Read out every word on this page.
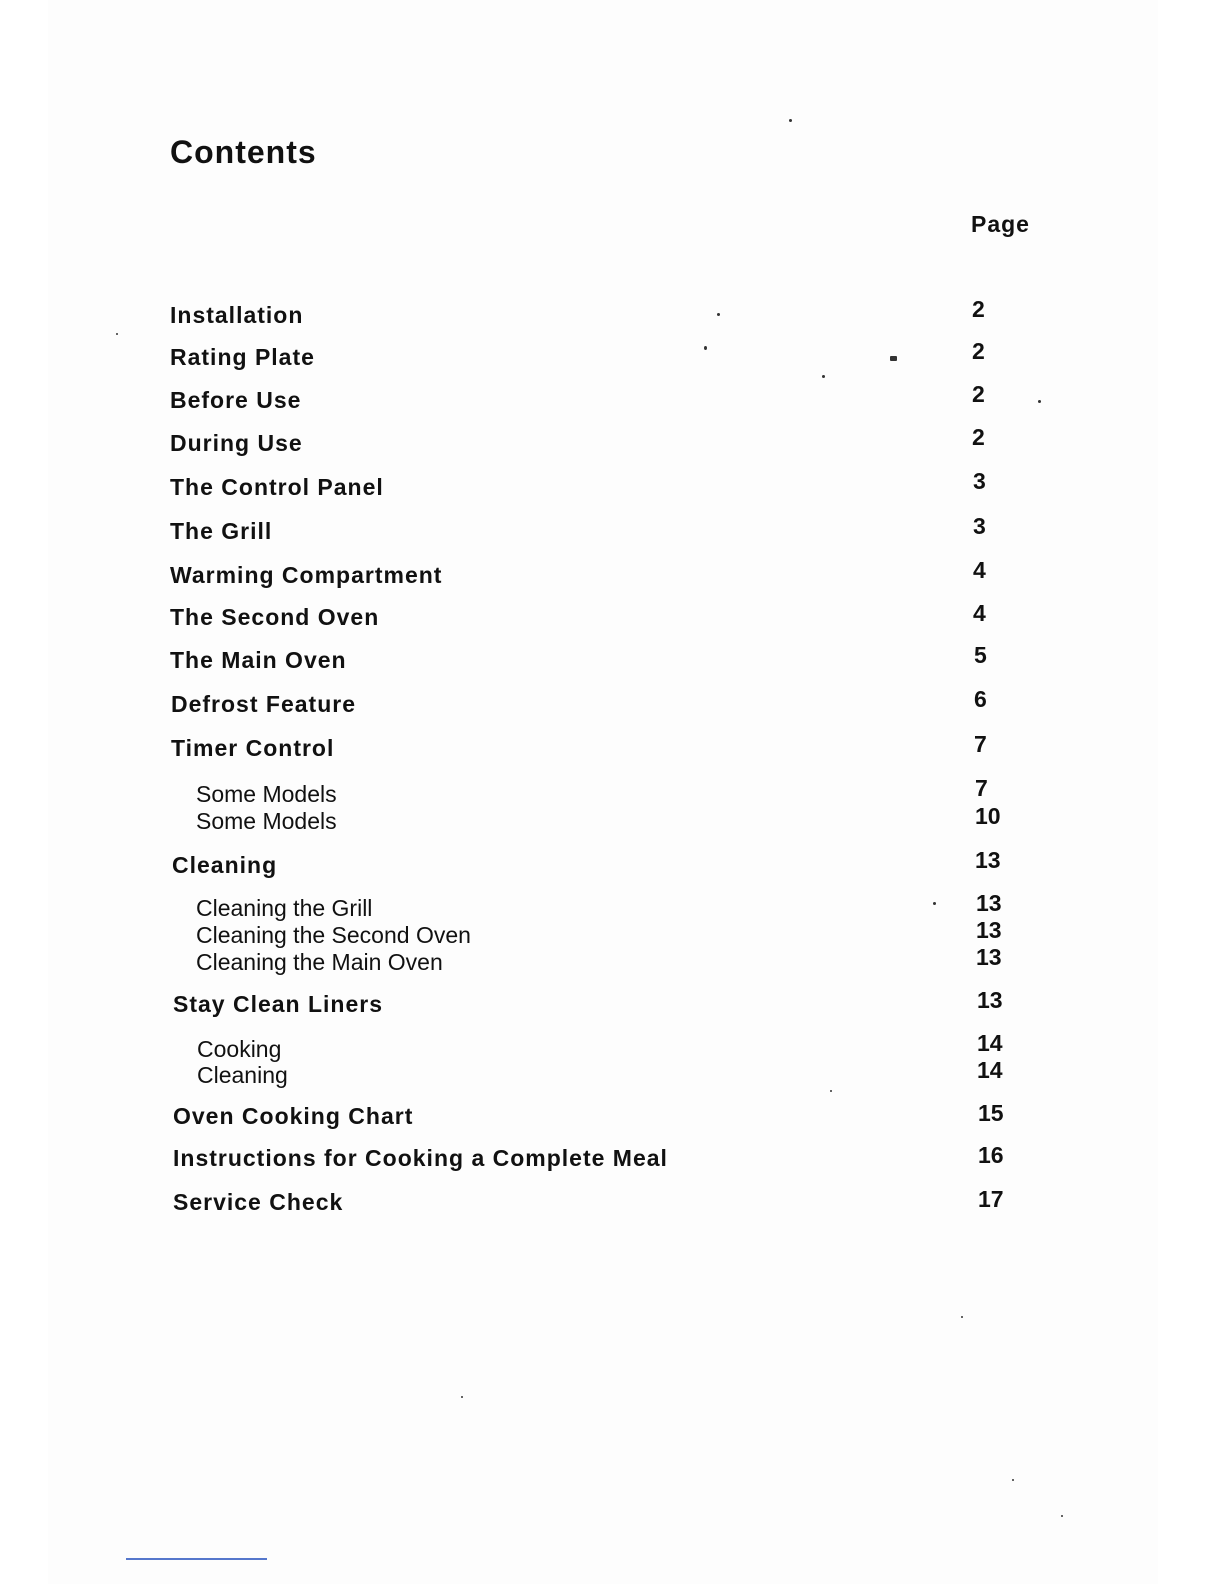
Contents
Page
Installation	2
Rating Plate	2
Before Use	2
During Use	2
The Control Panel	3
The Grill	3
Warming Compartment	4
The Second Oven	4
The Main Oven	5
Defrost Feature	6
Timer Control	7
Some Models	7
Some Models	10
Cleaning	13
Cleaning the Grill	13
Cleaning the Second Oven	13
Cleaning the Main Oven	13
Stay Clean Liners	13
Cooking	14
Cleaning	14
Oven Cooking Chart	15
Instructions for Cooking a Complete Meal	16
Service Check	17
